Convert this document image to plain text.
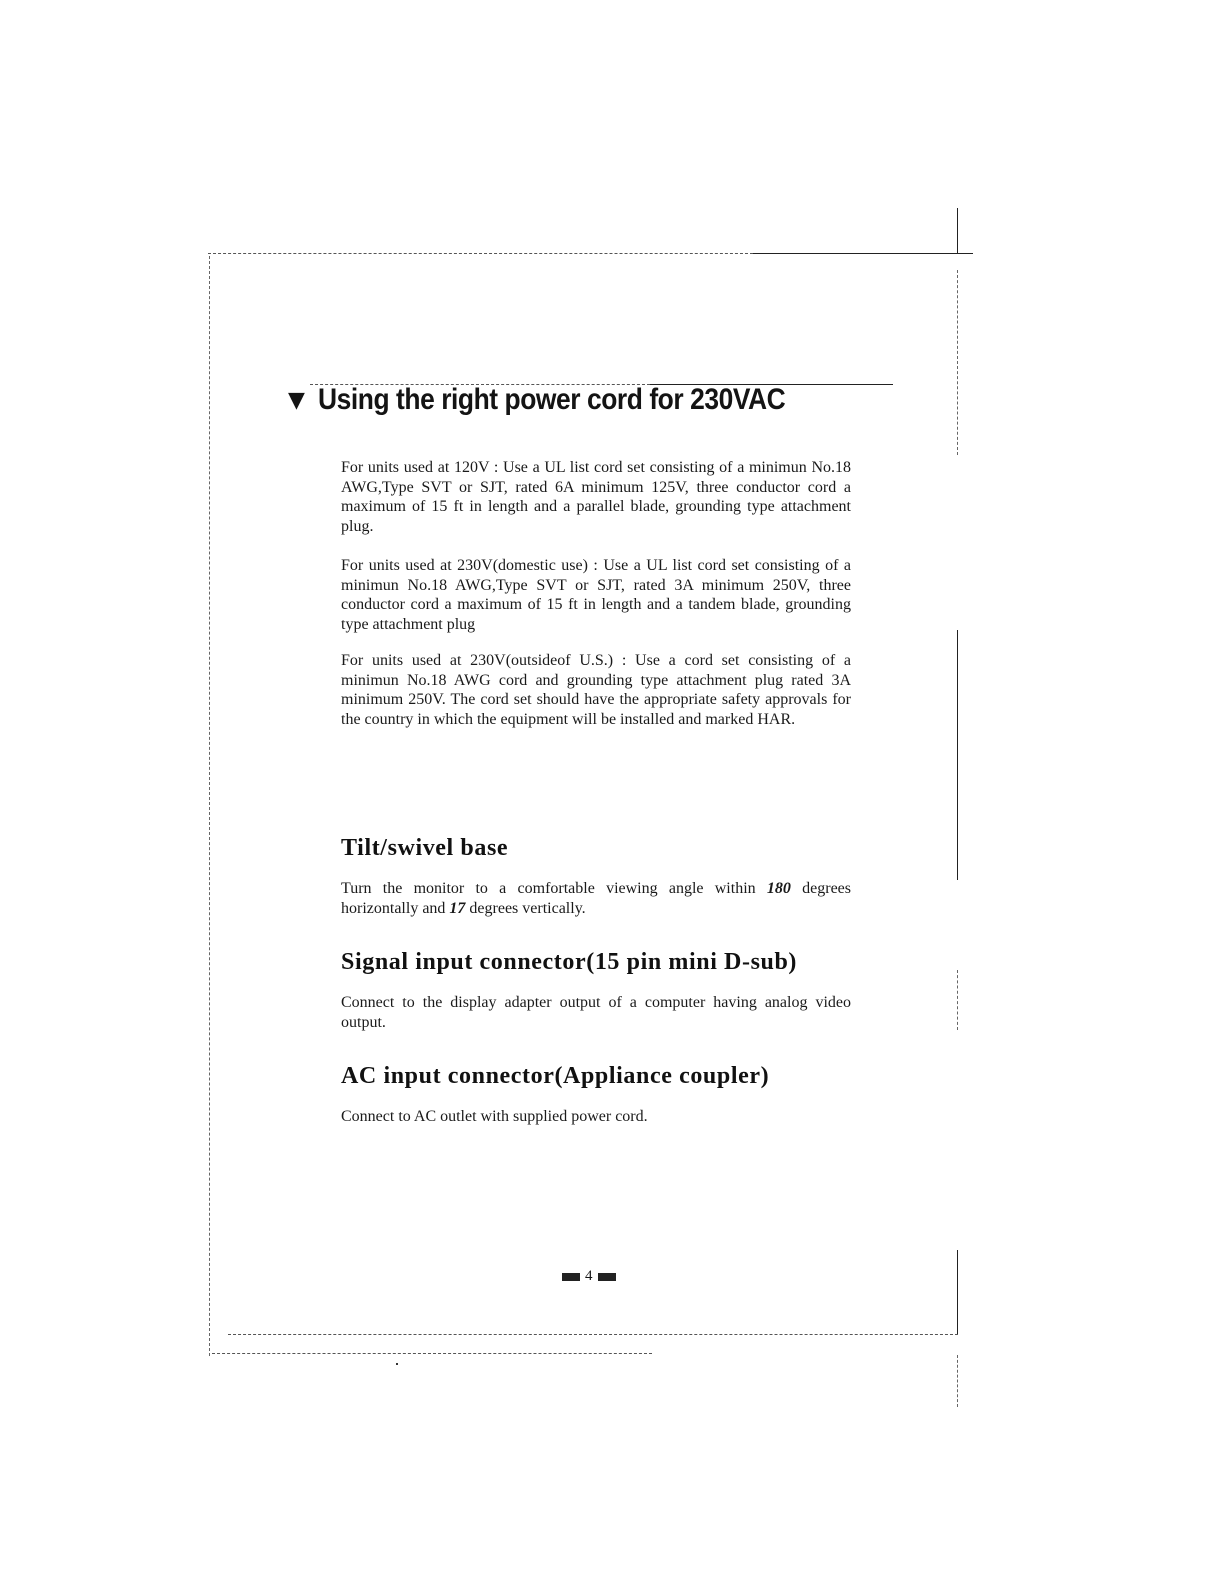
▼ Using the right power cord for 230VAC

For units used at 120V : Use a UL list cord set consisting of a minimun No.18 AWG,Type SVT or SJT, rated 6A minimum 125V, three conductor cord a maximum of 15 ft in length and a parallel blade, grounding type attachment plug.

For units used at 230V(domestic use) : Use a UL list cord set consisting of a minimun No.18 AWG,Type SVT or SJT, rated 3A minimum 250V, three conductor cord a maximum of 15 ft in length and a tandem blade, grounding type attachment plug

For units used at 230V(outsideof U.S.) : Use a cord set consisting of a minimun No.18 AWG cord and grounding type attachment plug rated 3A minimum 250V. The cord set should have the appropriate safety approvals for the country in which the equipment will be installed and marked HAR.

Tilt/swivel base

Turn the monitor to a comfortable viewing angle within 180 degrees horizontally and 17 degrees vertically.

Signal input connector(15 pin mini D-sub)

Connect to the display adapter output of a computer having analog video output.

AC input connector(Appliance coupler)

Connect to AC outlet with supplied power cord.

4
